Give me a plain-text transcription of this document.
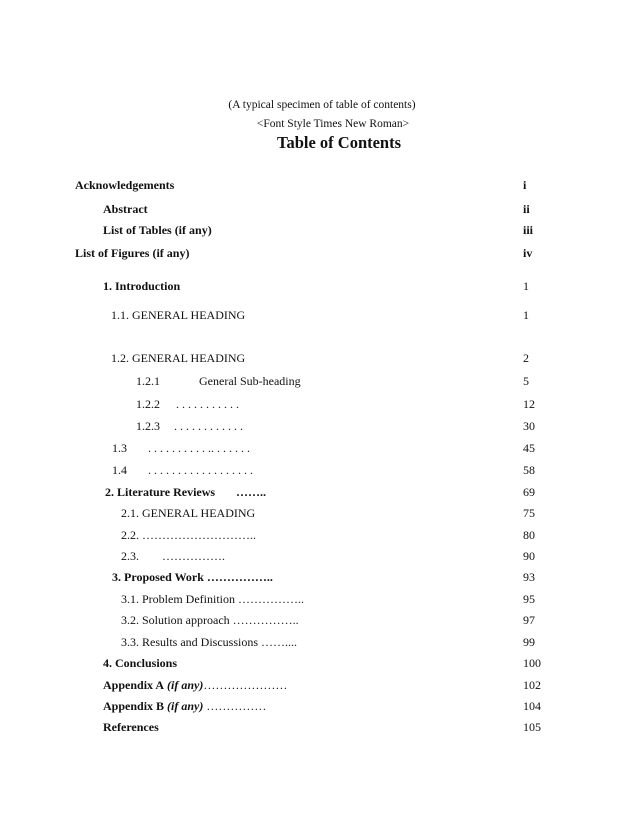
(A typical specimen of table of contents)
<Font Style Times New Roman>
Table of Contents
Acknowledgements	i
Abstract	ii
List of Tables (if any)	iii
List of Figures (if any)	iv
1. Introduction	1
1.1. GENERAL HEADING	1
1.2. GENERAL HEADING	2
1.2.1	General Sub-heading	5
1.2.2 . . . . . . . . . . .	12
1.2.3 . . . . . . . . . . . .	30
1.3 . . . . . . . . . . .. . . . . . .	45
1.4 . . . . . . . . . . . . . . . . . .	58
2. Literature Reviews ……..	69
2.1. GENERAL HEADING	75
2.2. ………………………..	80
2.3. …………….	90
3. Proposed Work ……………..	93
3.1. Problem Definition ……………..	95
3.2. Solution approach ……………..	97
3.3. Results and Discussions ……....	99
4. Conclusions	100
Appendix A (if any)…………………	102
Appendix B (if any) ……………	104
References	105
